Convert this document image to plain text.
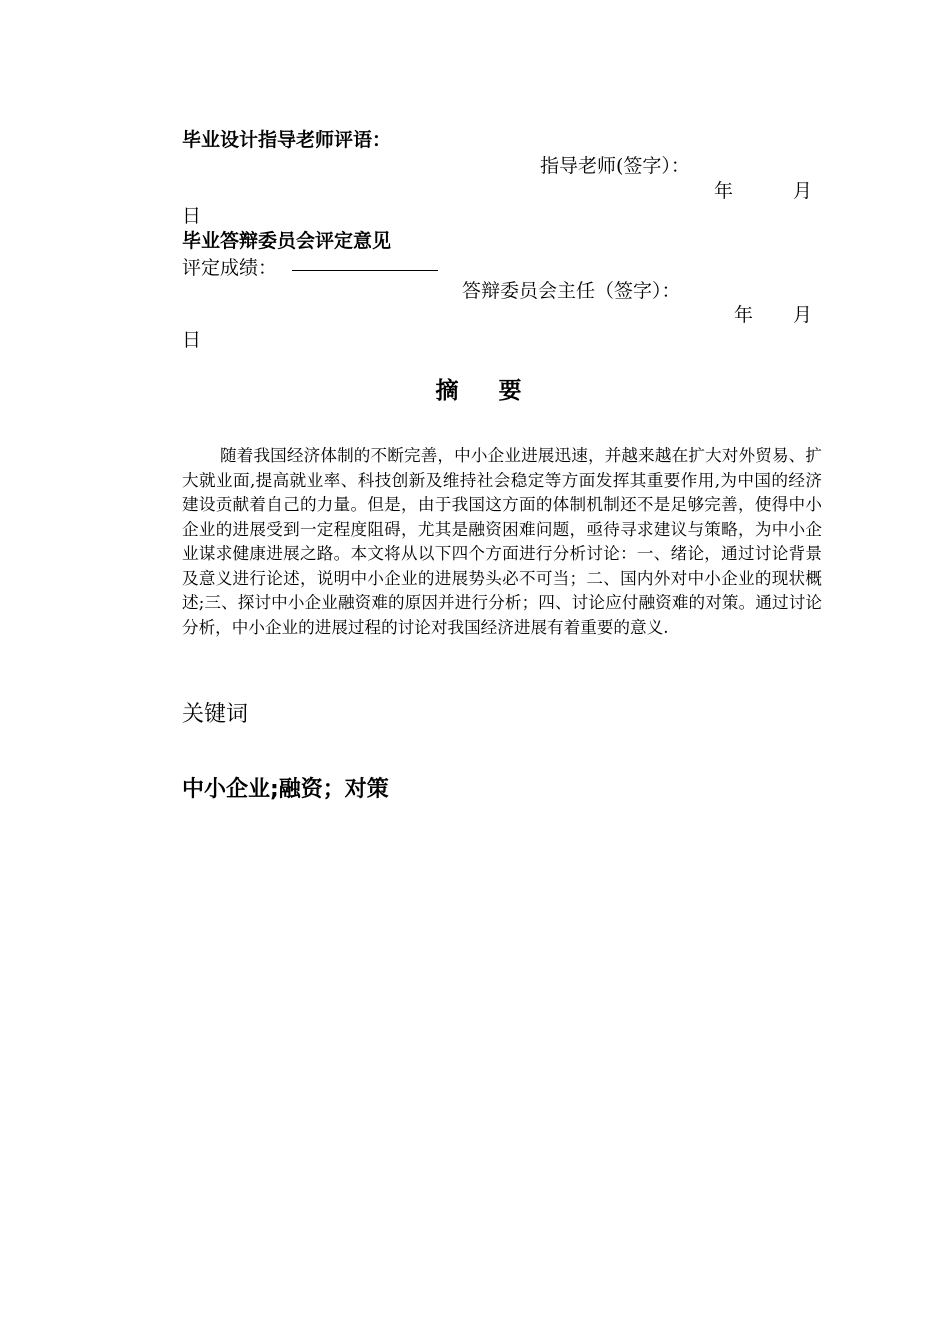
毕业设计指导老师评语：
指导老师(签字）：
年	月
日
毕业答辩委员会评定意见
评定成绩：
答辩委员会主任（签字）：
年 月
日
摘要

随着我国经济体制的不断完善，中小企业进展迅速，并越来越在扩大对外贸易、扩大就业面,提高就业率、科技创新及维持社会稳定等方面发挥其重要作用,为中国的经济建设贡献着自己的力量。但是，由于我国这方面的体制机制还不是足够完善，使得中小企业的进展受到一定程度阻碍，尤其是融资困难问题，亟待寻求建议与策略，为中小企业谋求健康进展之路。本文将从以下四个方面进行分析讨论：一、绪论，通过讨论背景及意义进行论述，说明中小企业的进展势头必不可当；二、国内外对中小企业的现状概述;三、探讨中小企业融资难的原因并进行分析；四、讨论应付融资难的对策。通过讨论分析，中小企业的进展过程的讨论对我国经济进展有着重要的意义.

关键词
中小企业;融资；对策
